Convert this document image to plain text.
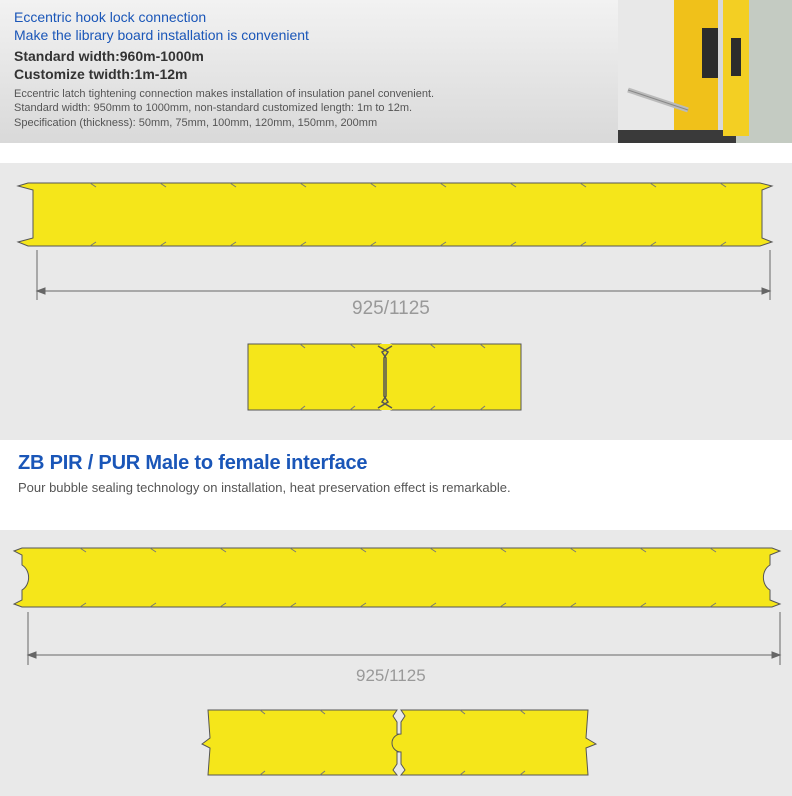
Eccentric hook lock connection
Make the library board installation is convenient
Standard width:960m-1000m
Customize twidth:1m-12m
Eccentric latch tightening connection makes installation of insulation panel convenient.
Standard width: 950mm to 1000mm, non-standard customized length: 1m to 12m.
Specification (thickness): 50mm, 75mm, 100mm, 120mm, 150mm, 200mm
925/1125
ZB PIR / PUR Male to female interface
Pour bubble sealing technology on installation, heat preservation effect is remarkable.
925/1125
